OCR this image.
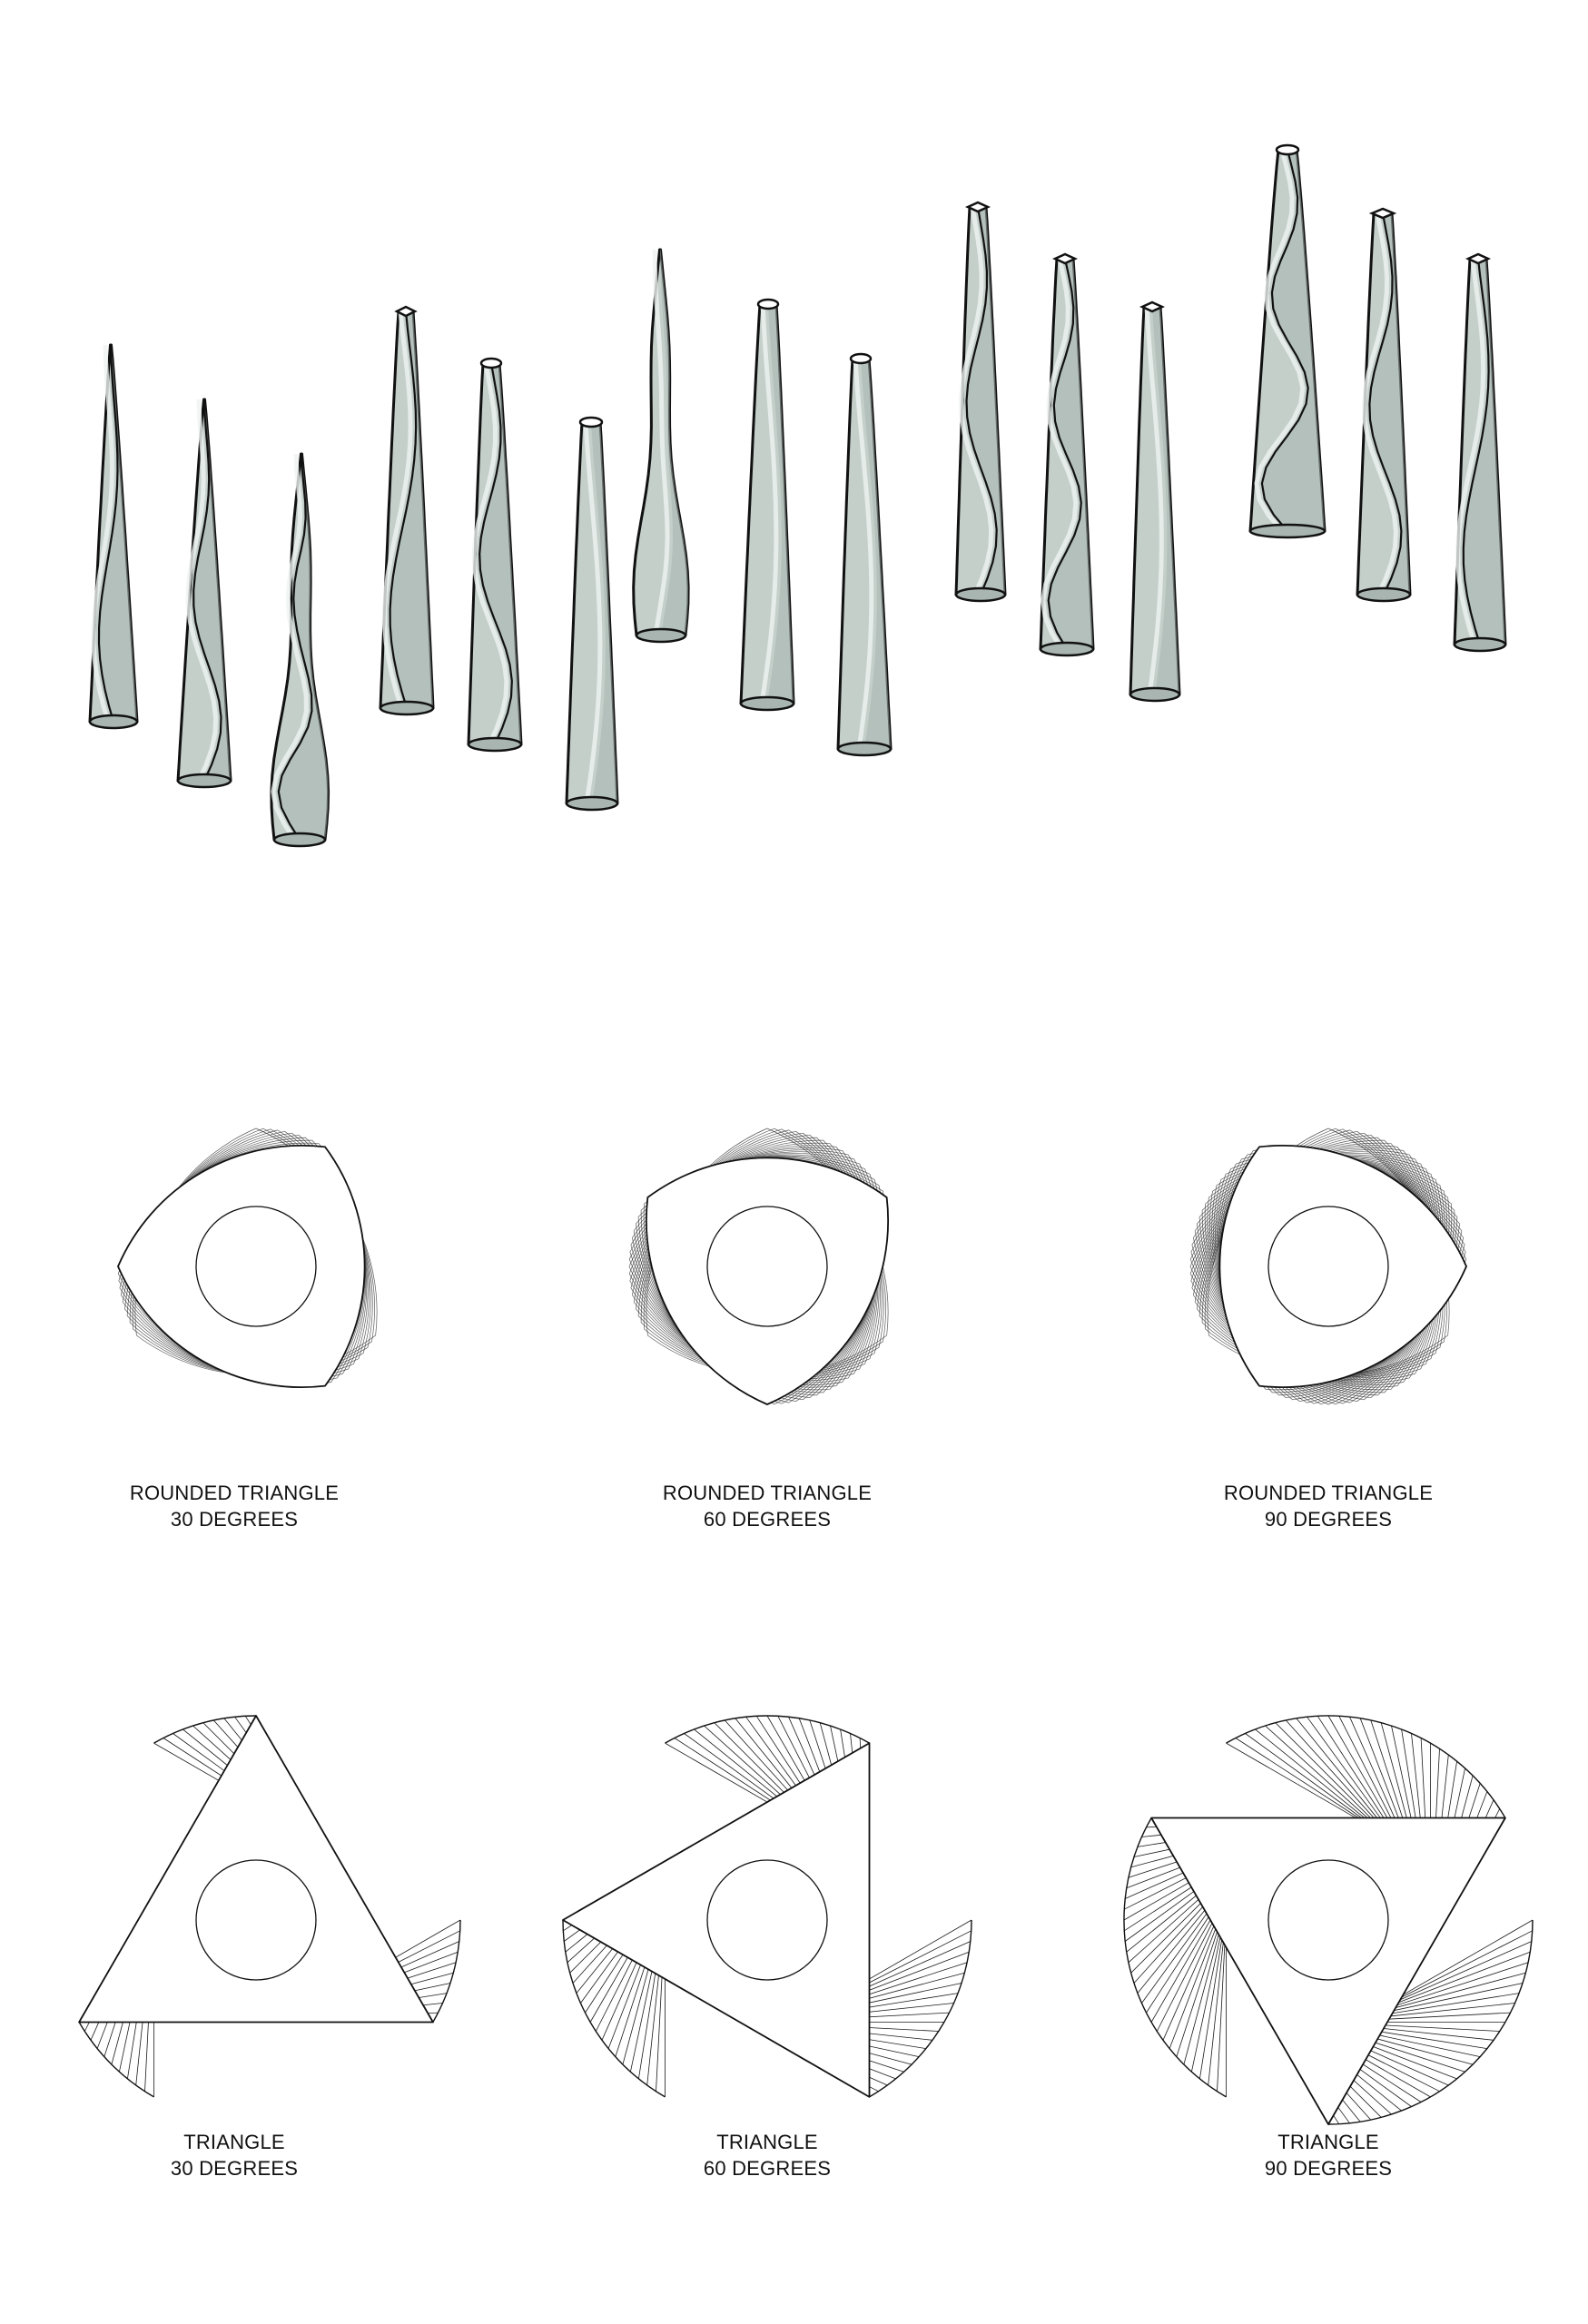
ROUNDED TRIANGLE
30 DEGREES
ROUNDED TRIANGLE
60 DEGREES
ROUNDED TRIANGLE
90 DEGREES
TRIANGLE
30 DEGREES
TRIANGLE
60 DEGREES
TRIANGLE
90 DEGREES
